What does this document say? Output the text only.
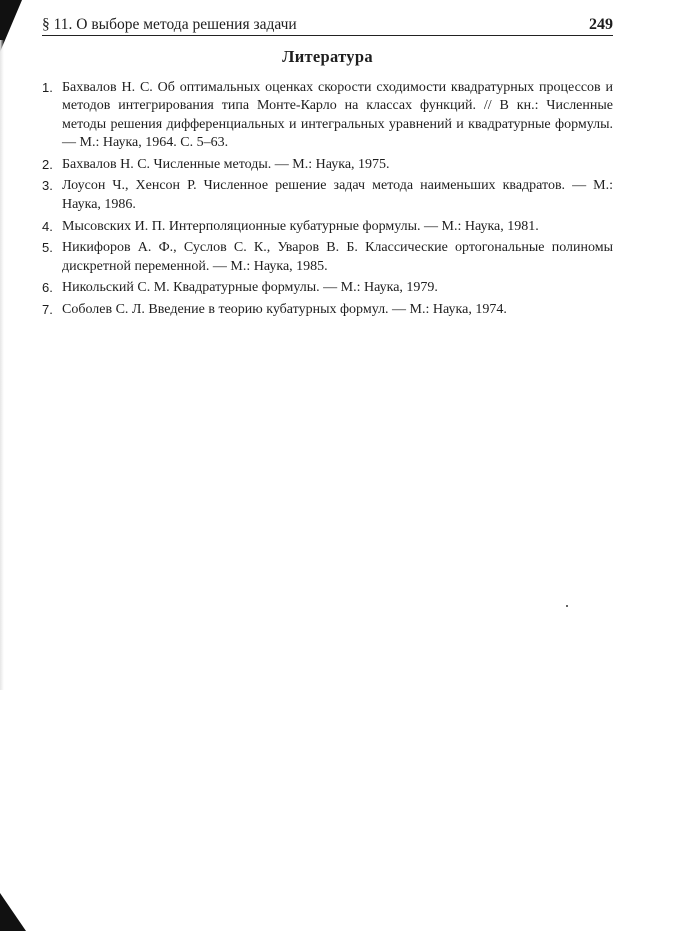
§ 11. О выборе метода решения задачи	249
Литература
1. Бахвалов Н. С. Об оптимальных оценках скорости сходимости квадратурных процессов и методов интегрирования типа Монте-Карло на классах функций. // В кн.: Численные методы решения дифференциальных и интегральных уравнений и квадратурные формулы. — М.: Наука, 1964. С. 5–63.
2. Бахвалов Н. С. Численные методы. — М.: Наука, 1975.
3. Лоусон Ч., Хенсон Р. Численное решение задач метода наименьших квадратов. — М.: Наука, 1986.
4. Мысовских И. П. Интерполяционные кубатурные формулы. — М.: Наука, 1981.
5. Никифоров А. Ф., Суслов С. К., Уваров В. Б. Классические ортогональные полиномы дискретной переменной. — М.: Наука, 1985.
6. Никольский С. М. Квадратурные формулы. — М.: Наука, 1979.
7. Соболев С. Л. Введение в теорию кубатурных формул. — М.: Наука, 1974.
